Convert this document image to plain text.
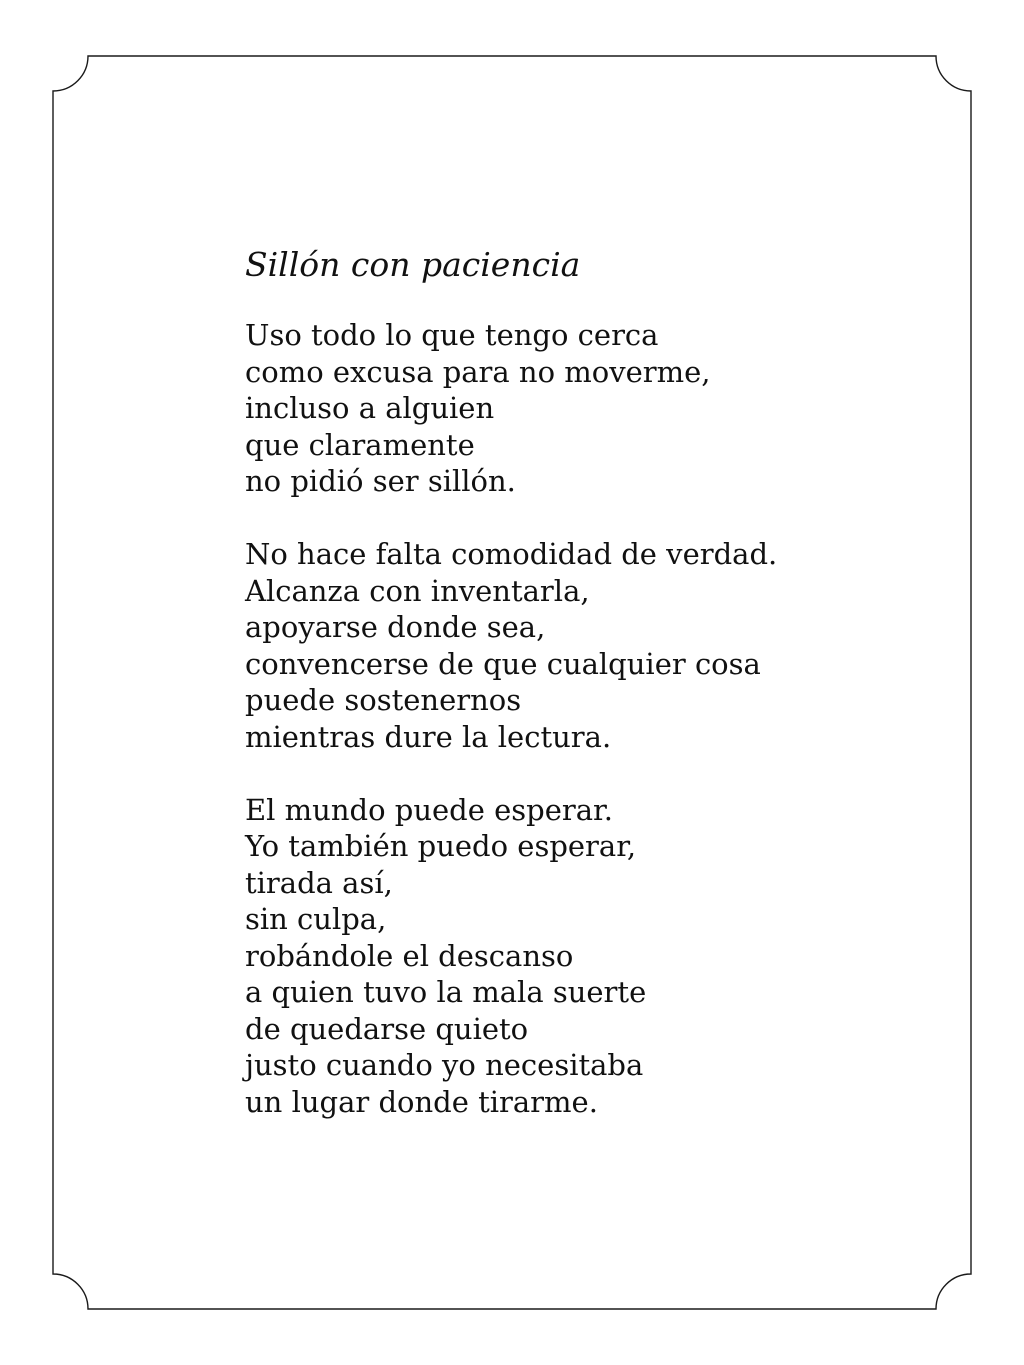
Sillón con paciencia
Uso todo lo que tengo cerca
como excusa para no moverme,
incluso a alguien
que claramente
no pidió ser sillón.
No hace falta comodidad de verdad.
Alcanza con inventarla,
apoyarse donde sea,
convencerse de que cualquier cosa
puede sostenernos
mientras dure la lectura.
El mundo puede esperar.
Yo también puedo esperar,
tirada así,
sin culpa,
robándole el descanso
a quien tuvo la mala suerte
de quedarse quieto
justo cuando yo necesitaba
un lugar donde tirarme.
